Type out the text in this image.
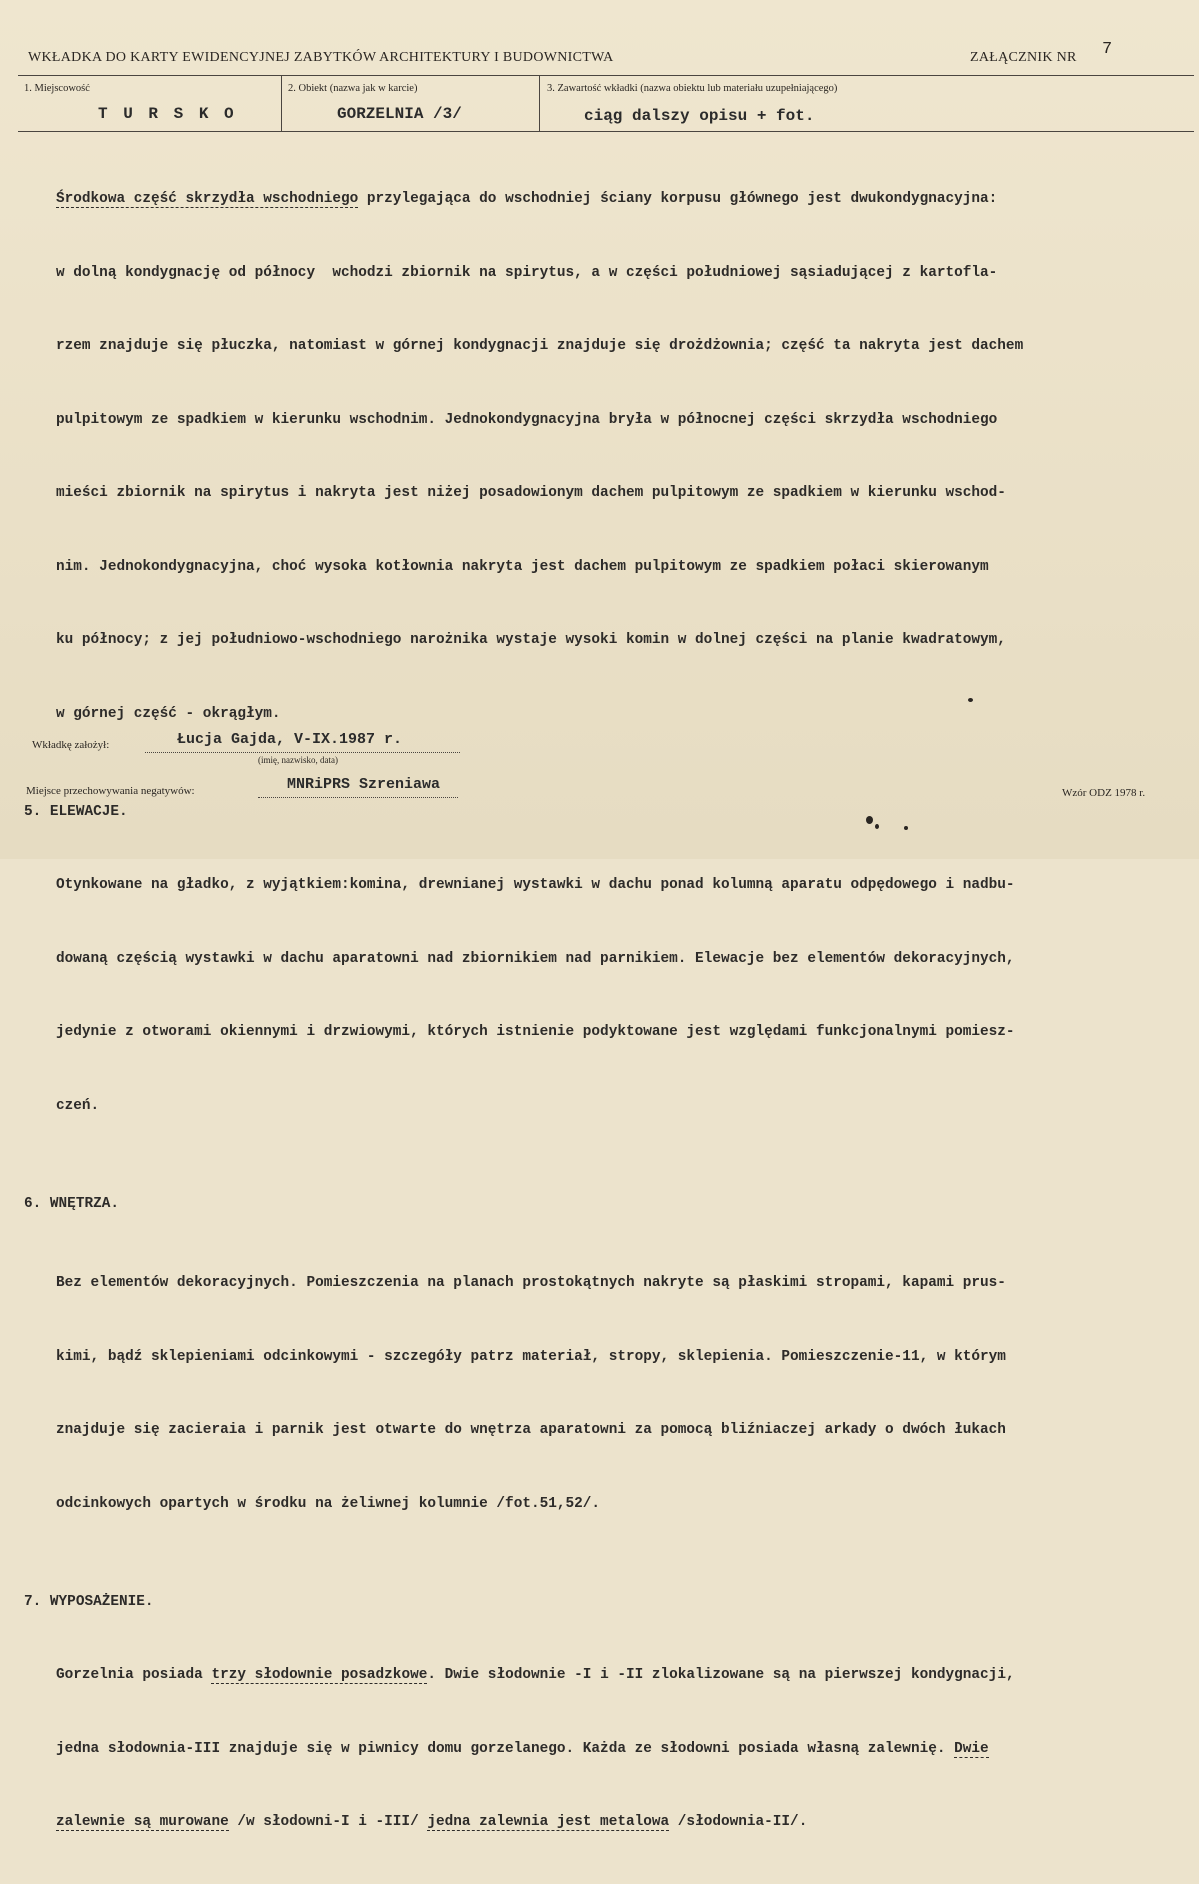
WKŁADKA DO KARTY EWIDENCYJNEJ ZABYTKÓW ARCHITEKTURY I BUDOWNICTWA	ZAŁĄCZNIK NR 7
1. Miejscowość
T U R S K O
2. Obiekt (nazwa jak w karcie)
GORZELNIA /3/
3. Zawartość wkładki (nazwa obiektu lub materiału uzupełniającego)
ciąg dalszy opisu + fot.

Środkowa część skrzydła wschodniego przylegająca do wschodniej ściany korpusu głównego jest dwukondygnacyjna:

w dolną kondygnację od północy  wchodzi zbiornik na spirytus, a w części południowej sąsiadującej z kartofla-

rzem znajduje się płuczka, natomiast w górnej kondygnacji znajduje się drożdżownia; część ta nakryta jest dachem

pulpitowym ze spadkiem w kierunku wschodnim. Jednokondygnacyjna bryła w północnej części skrzydła wschodniego

mieści zbiornik na spirytus i nakryta jest niżej posadowionym dachem pulpitowym ze spadkiem w kierunku wschod-

nim. Jednokondygnacyjna, choć wysoka kotłownia nakryta jest dachem pulpitowym ze spadkiem połaci skierowanym

ku północy; z jej południowo-wschodniego narożnika wystaje wysoki komin w dolnej części na planie kwadratowym,

w górnej część - okrągłym.

5. ELEWACJE.

Otynkowane na gładko, z wyjątkiem:komina, drewnianej wystawki w dachu ponad kolumną aparatu odpędowego i nadbu-

dowaną częścią wystawki w dachu aparatowni nad zbiornikiem nad parnikiem. Elewacje bez elementów dekoracyjnych,

jedynie z otworami okiennymi i drzwiowymi, których istnienie podyktowane jest względami funkcjonalnymi pomiesz-

czeń.

6. WNĘTRZA.

Bez elementów dekoracyjnych. Pomieszczenia na planach prostokątnych nakryte są płaskimi stropami, kapami prus-

kimi, bądź sklepieniami odcinkowymi - szczegóły patrz materiał, stropy, sklepienia. Pomieszczenie-11, w którym

znajduje się zacieraia i parnik jest otwarte do wnętrza aparatowni za pomocą bliźniaczej arkady o dwóch łukach

odcinkowych opartych w środku na żeliwnej kolumnie /fot.51,52/.

7. WYPOSAŻENIE.

Gorzelnia posiada trzy słodownie posadzkowe. Dwie słodownie -I i -II zlokalizowane są na pierwszej kondygnacji,

jedna słodownia-III znajduje się w piwnicy domu gorzelanego. Każda ze słodowni posiada własną zalewnię. Dwie

zalewnie są murowane /w słodowni-I i -III/ jedna zalewnia jest metalowa /słodownia-II/.

Wkładkę założył:	Łucja Gajda, V-IX.1987 r.
(imię, nazwisko, data)
Miejsce przechowywania negatywów:	MNRiPRS Szreniawa	Wzór ODZ 1978 r.
